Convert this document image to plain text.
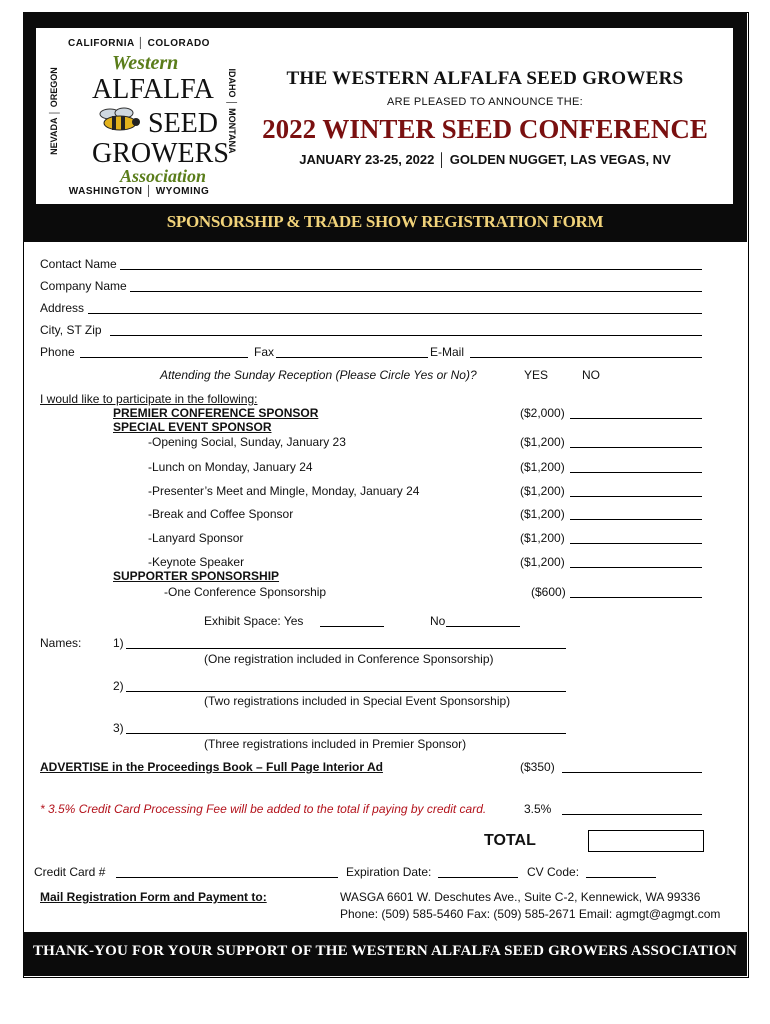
CALIFORNIA │ COLORADO
NEVADA │ OREGON	IDAHO │ MONTANA
Western
ALFALFA
SEED
GROWERS
Association
WASHINGTON │ WYOMING
THE WESTERN ALFALFA SEED GROWERS
ARE PLEASED TO ANNOUNCE THE:
2022 WINTER SEED CONFERENCE
JANUARY 23-25, 2022 │ GOLDEN NUGGET, LAS VEGAS, NV
SPONSORSHIP & TRADE SHOW REGISTRATION FORM
Contact Name
Company Name
Address
City, ST Zip
Phone	Fax	E-Mail
Attending the Sunday Reception (Please Circle Yes or No)?	YES	NO
I would like to participate in the following:
PREMIER CONFERENCE SPONSOR	($2,000)
SPECIAL EVENT SPONSOR
-Opening Social, Sunday, January 23	($1,200)
-Lunch on Monday, January 24	($1,200)
-Presenter’s Meet and Mingle, Monday, January 24	($1,200)
-Break and Coffee Sponsor	($1,200)
-Lanyard Sponsor	($1,200)
-Keynote Speaker	($1,200)
SUPPORTER SPONSORSHIP
-One Conference Sponsorship	($600)
Exhibit Space: Yes	No
Names:	1)
(One registration included in Conference Sponsorship)
2)
(Two registrations included in Special Event Sponsorship)
3)
(Three registrations included in Premier Sponsor)
ADVERTISE in the Proceedings Book – Full Page Interior Ad	($350)
* 3.5% Credit Card Processing Fee will be added to the total if paying by credit card.	3.5%
TOTAL
Credit Card #	Expiration Date:	CV Code:
Mail Registration Form and Payment to:	WASGA 6601 W. Deschutes Ave., Suite C-2, Kennewick, WA 99336
Phone: (509) 585-5460 Fax: (509) 585-2671 Email: agmgt@agmgt.com
THANK-YOU FOR YOUR SUPPORT OF THE WESTERN ALFALFA SEED GROWERS ASSOCIATION
